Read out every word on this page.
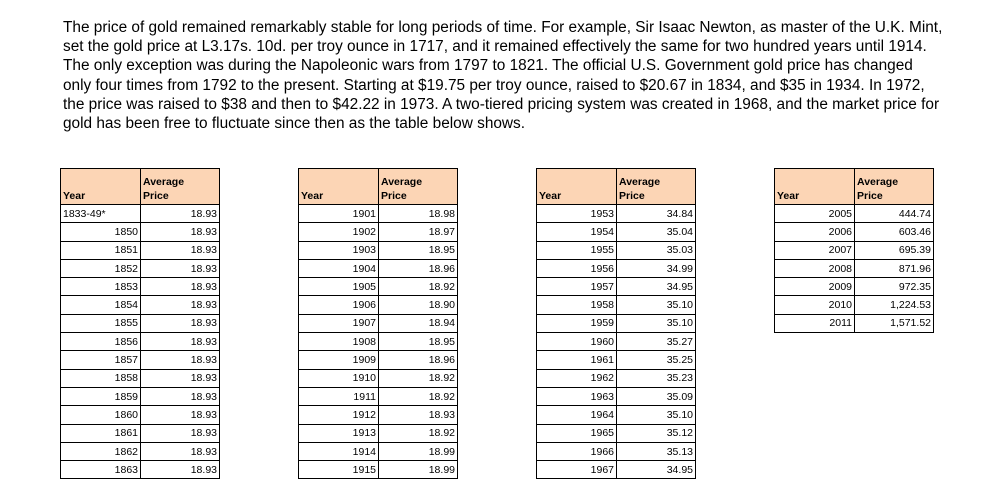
The price of gold remained remarkably stable for long periods of time. For example, Sir Isaac Newton, as master of the U.K. Mint, set the gold price at L3.17s. 10d. per troy ounce in 1717, and it remained effectively the same for two hundred years until 1914. The only exception was during the Napoleonic wars from 1797 to 1821. The official U.S. Government gold price has changed only four times from 1792 to the present. Starting at $19.75 per troy ounce, raised to $20.67 in 1834, and $35 in 1934. In 1972, the price was raised to $38 and then to $42.22 in 1973. A two-tiered pricing system was created in 1968, and the market price for gold has been free to fluctuate since then as the table below shows.

Year	Average
Price
1833-49*	18.93
1850	18.93
1851	18.93
1852	18.93
1853	18.93
1854	18.93
1855	18.93
1856	18.93
1857	18.93
1858	18.93
1859	18.93
1860	18.93
1861	18.93
1862	18.93
1863	18.93
Year	Average
Price
1901	18.98
1902	18.97
1903	18.95
1904	18.96
1905	18.92
1906	18.90
1907	18.94
1908	18.95
1909	18.96
1910	18.92
1911	18.92
1912	18.93
1913	18.92
1914	18.99
1915	18.99
Year	Average
Price
1953	34.84
1954	35.04
1955	35.03
1956	34.99
1957	34.95
1958	35.10
1959	35.10
1960	35.27
1961	35.25
1962	35.23
1963	35.09
1964	35.10
1965	35.12
1966	35.13
1967	34.95
Year	Average
Price
2005	444.74
2006	603.46
2007	695.39
2008	871.96
2009	972.35
2010	1,224.53
2011	1,571.52
